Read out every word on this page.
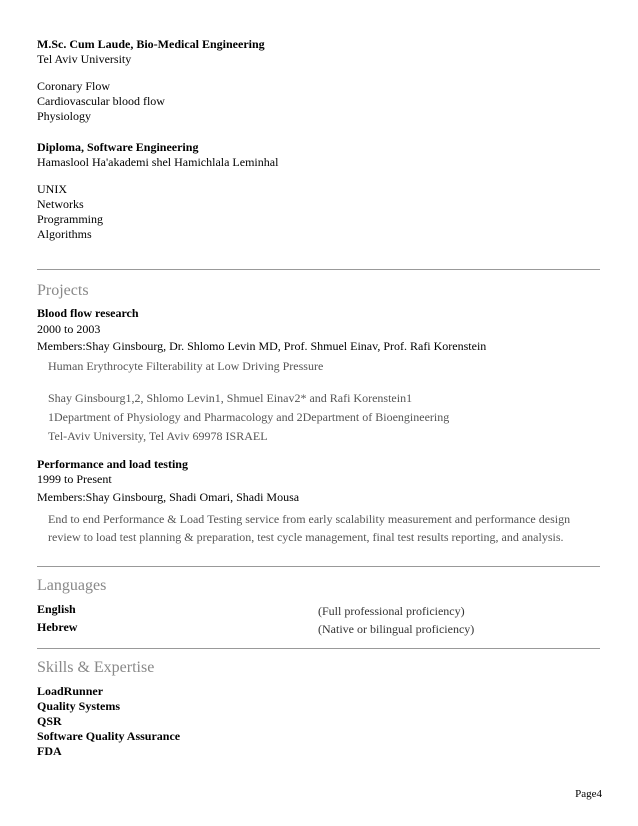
M.Sc. Cum Laude, Bio-Medical Engineering
Tel Aviv University
Coronary Flow
Cardiovascular blood flow
Physiology
Diploma, Software Engineering
Hamaslool Ha'akademi shel Hamichlala Leminhal
UNIX
Networks
Programming
Algorithms
Projects
Blood flow research
2000 to 2003
Members:Shay Ginsbourg, Dr. Shlomo Levin MD, Prof. Shmuel Einav, Prof. Rafi Korenstein
Human Erythrocyte Filterability at Low Driving Pressure
Shay Ginsbourg1,2, Shlomo Levin1, Shmuel Einav2* and Rafi Korenstein1
1Department of Physiology and Pharmacology and 2Department of Bioengineering
Tel-Aviv University, Tel Aviv 69978 ISRAEL
Performance and load testing
1999 to Present
Members:Shay Ginsbourg, Shadi Omari, Shadi Mousa
End to end Performance & Load Testing service from early scalability measurement and performance design review to load test planning & preparation, test cycle management, final test results reporting, and analysis.
Languages
English	(Full professional proficiency)
Hebrew	(Native or bilingual proficiency)
Skills & Expertise
LoadRunner
Quality Systems
QSR
Software Quality Assurance
FDA
Page4
